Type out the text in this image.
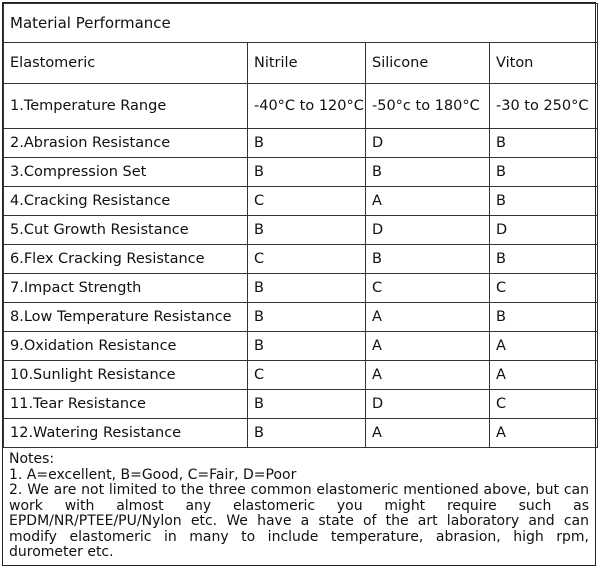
Material Performance			
Elastomeric	Nitrile	Silicone	Viton
1.Temperature Range	-40°C to 120°C	-50°c to 180°C	-30 to 250°C
2.Abrasion Resistance	B	D	B
3.Compression Set	B	B	B
4.Cracking Resistance	C	A	B
5.Cut Growth Resistance	B	D	D
6.Flex Cracking Resistance	C	B	B
7.Impact Strength	B	C	C
8.Low Temperature Resistance	B	A	B
9.Oxidation Resistance	B	A	A
10.Sunlight Resistance	C	A	A
11.Tear Resistance	B	D	C
12.Watering Resistance	B	A	A

Notes:

1. A=excellent, B=Good, C=Fair, D=Poor

2. We are not limited to the three common elastomeric mentioned above, but can work with almost any elastomeric you might require such as EPDM/NR/PTEE/PU/Nylon etc. We have a state of the art laboratory and can modify elastomeric in many to include temperature, abrasion, high rpm, durometer etc.
